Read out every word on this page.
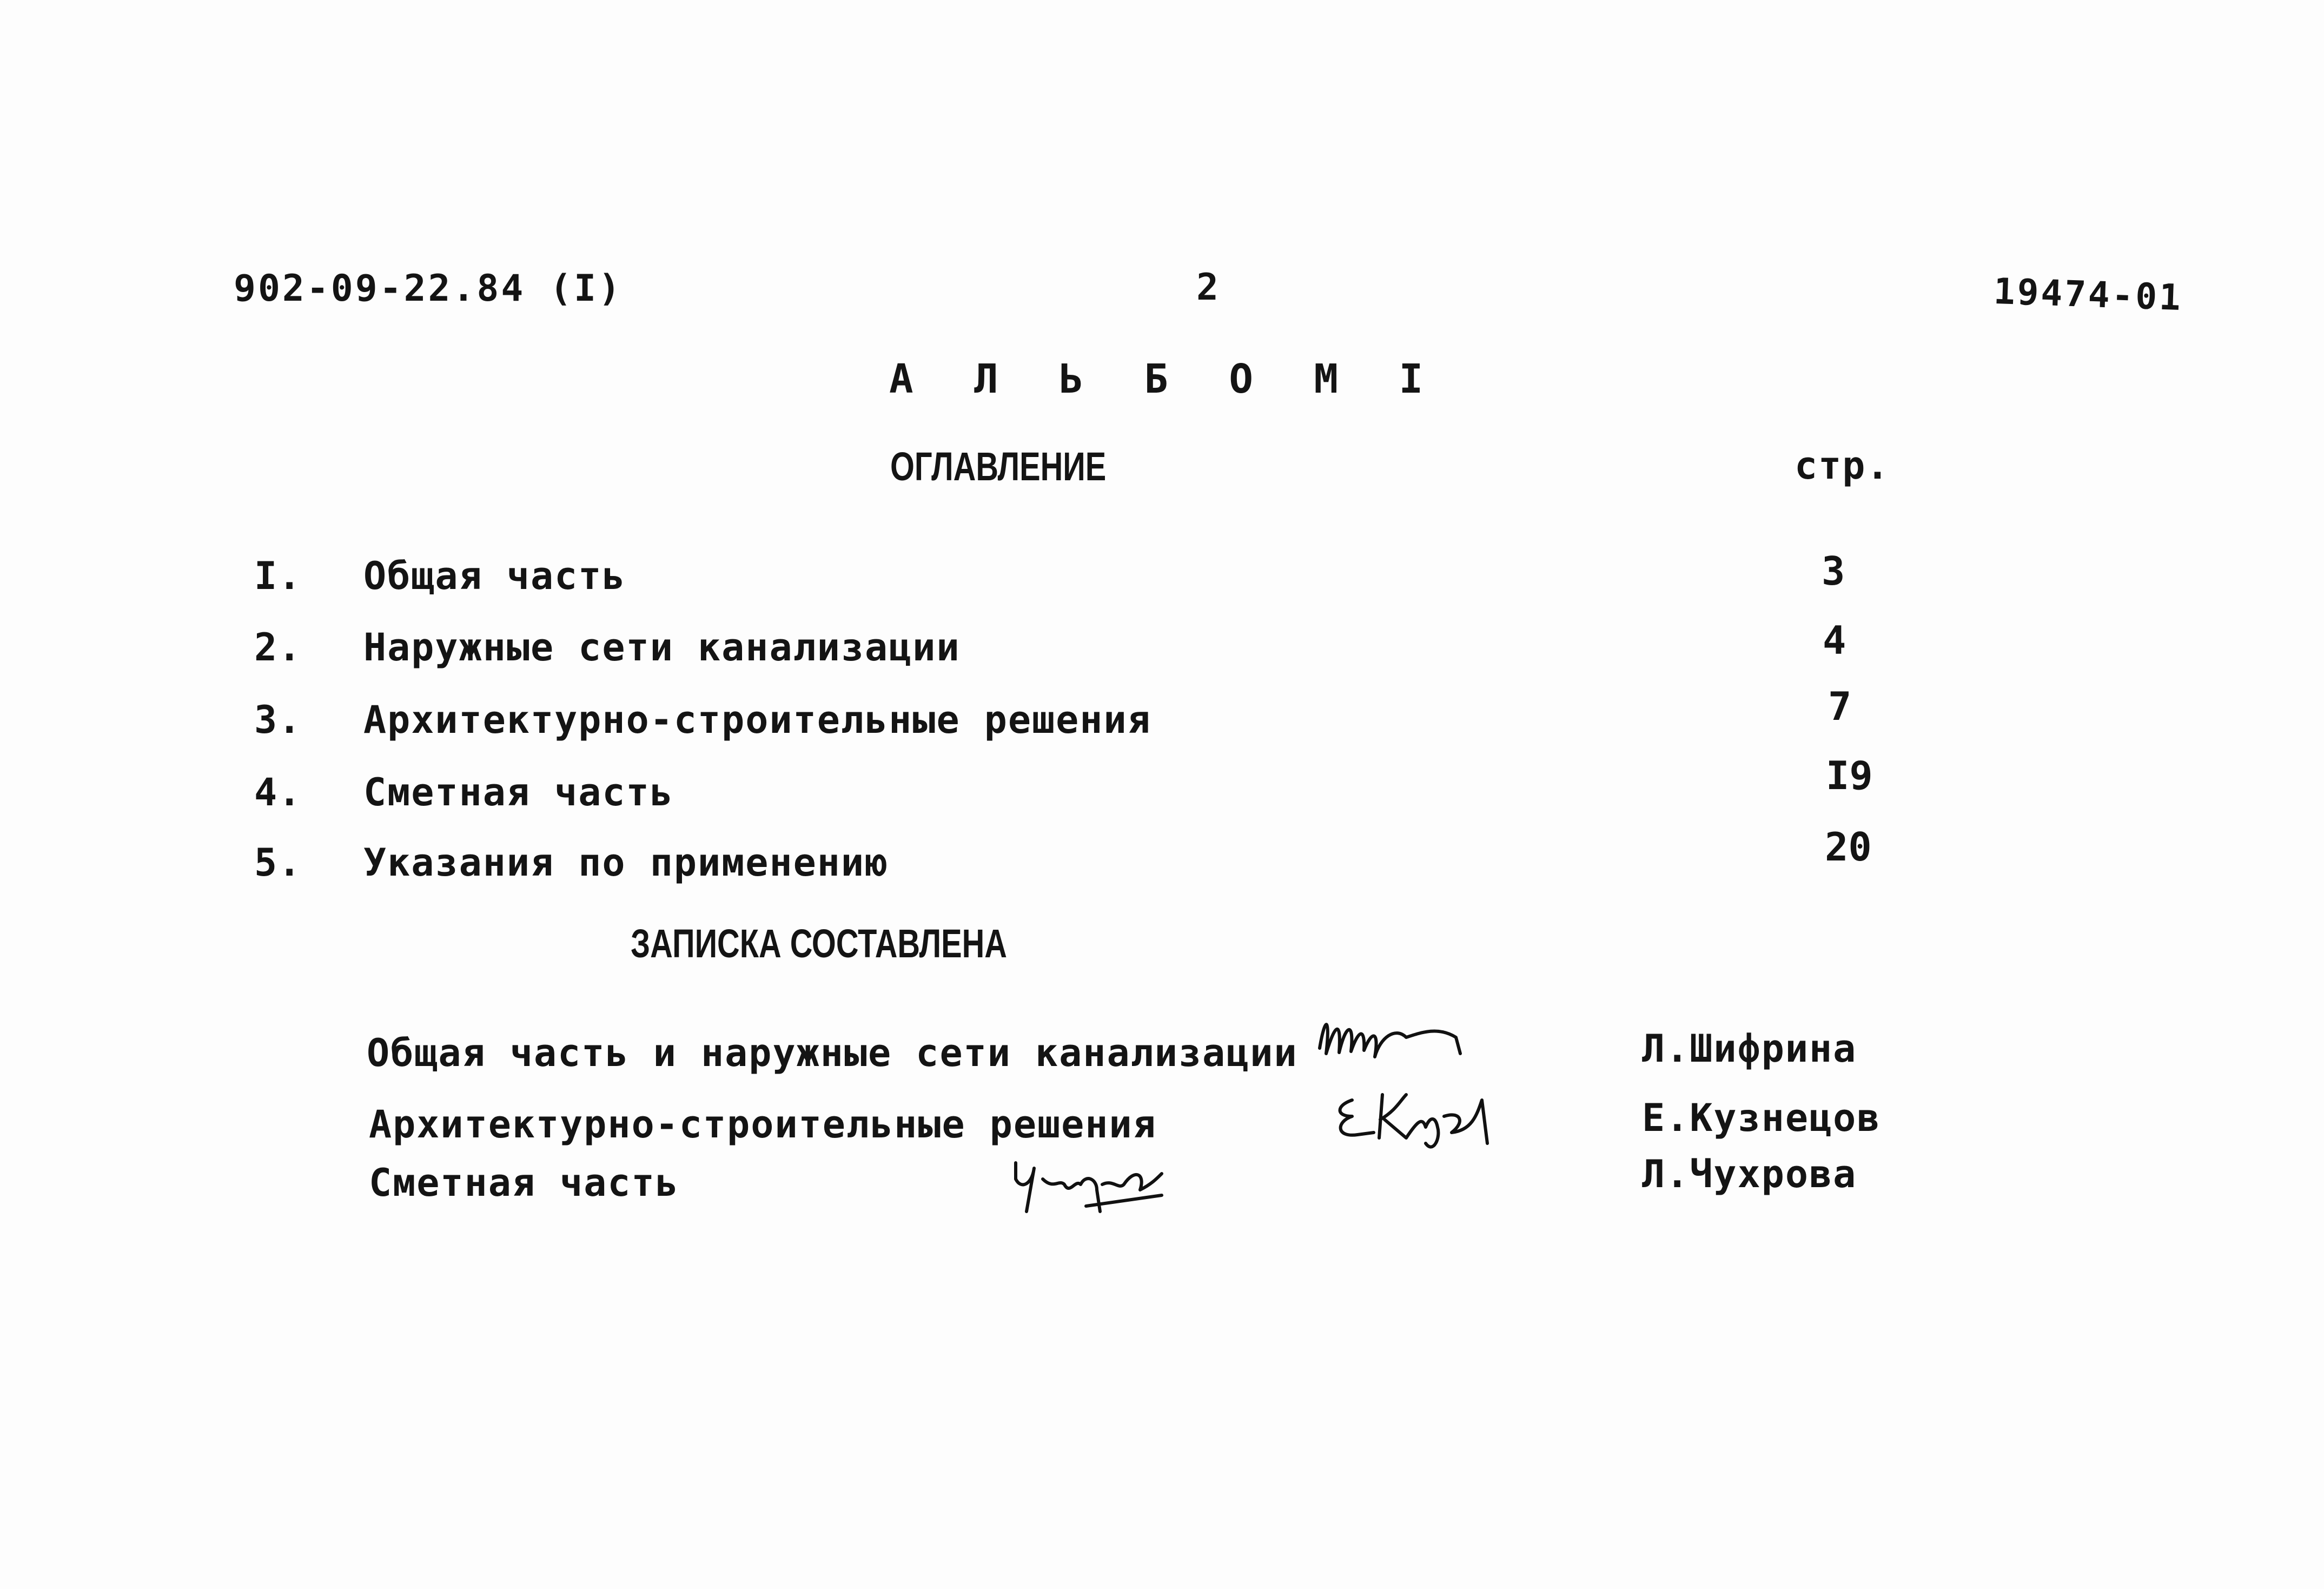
902-09-22.84 (I)	2	19474-01
А Л Ь Б О М I
ОГЛАВЛЕНИЕ	стр.
I. Общая часть	3
2. Наружные сети канализации	4
3. Архитектурно-строительные решения	7
4. Сметная часть	I9
5. Указания по применению	20
ЗАПИСКА СОСТАВЛЕНА
Общая часть и наружные сети канализации	Л.Шифрина
Архитектурно-строительные решения	Е.Кузнецов
Сметная часть	Л.Чухрова
